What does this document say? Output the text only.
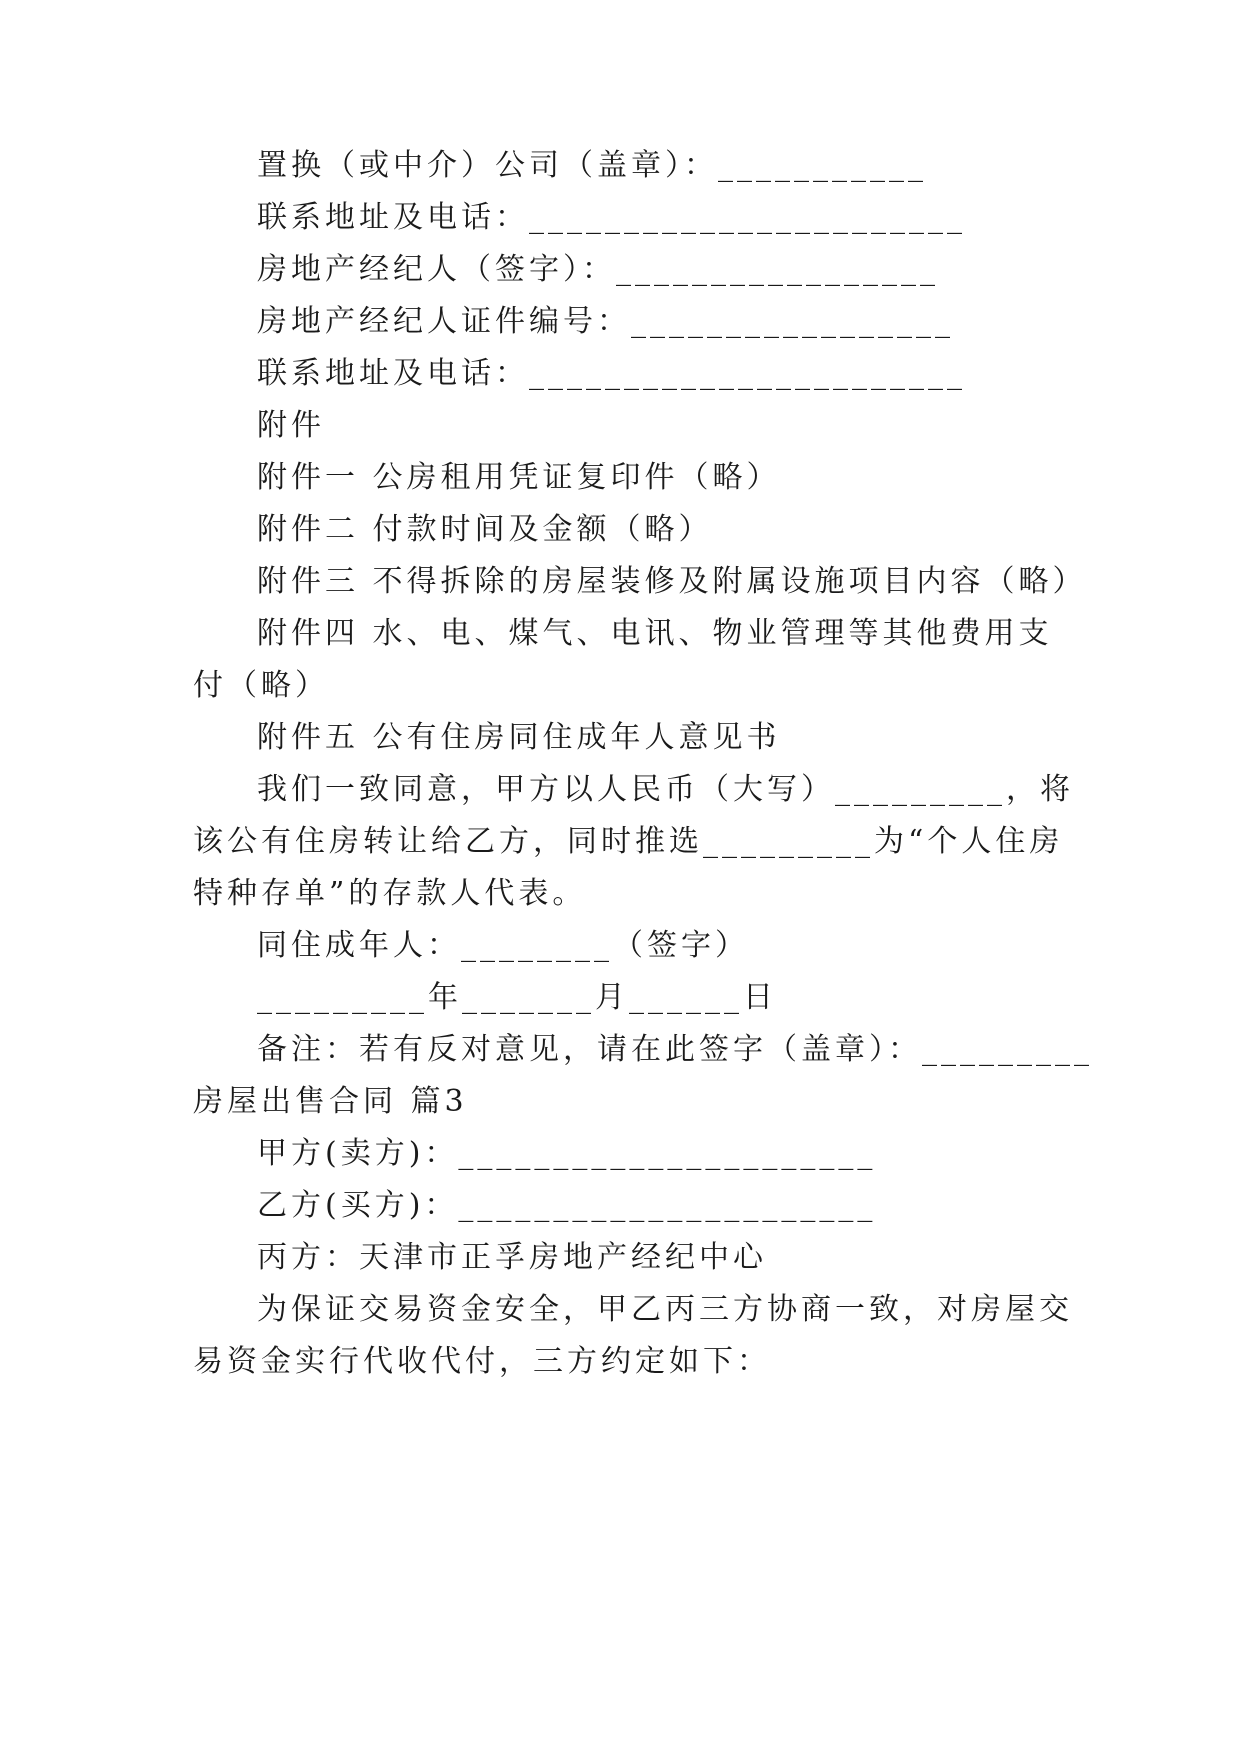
置换（或中介）公司（盖章）：___________
联系地址及电话：_______________________
房地产经纪人（签字）：_________________
房地产经纪人证件编号：_________________
联系地址及电话：_______________________
附件
附件一 公房租用凭证复印件（略）
附件二 付款时间及金额（略）
附件三 不得拆除的房屋装修及附属设施项目内容（略）
附件四 水、电、煤气、电讯、物业管理等其他费用支
付（略）
附件五 公有住房同住成年人意见书
我们一致同意，甲方以人民币（大写）_________，将
该公有住房转让给乙方，同时推选_________为“个人住房
特种存单”的存款人代表。
同住成年人：________（签字）
_________年_______月______日
备注：若有反对意见，请在此签字（盖章）：_________
房屋出售合同 篇3
甲方(卖方)：______________________
乙方(买方)：______________________
丙方：天津市正孚房地产经纪中心
为保证交易资金安全，甲乙丙三方协商一致，对房屋交
易资金实行代收代付，三方约定如下：
